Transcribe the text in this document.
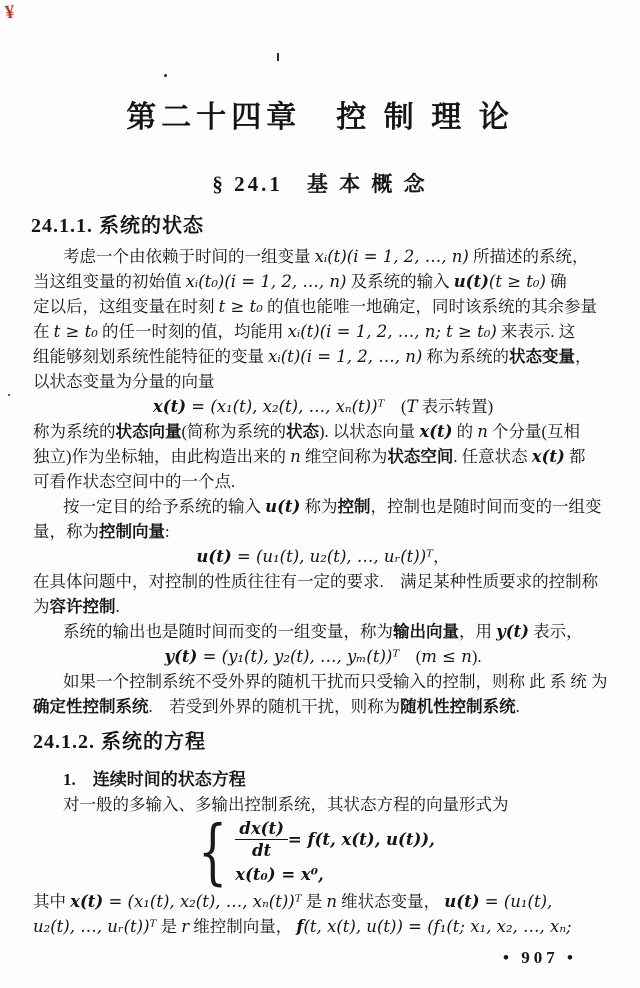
¥
第二十四章　控 制 理 论
§ 24.1　基 本 概 念
24.1.1. 系统的状态
考虑一个由依赖于时间的一组变量 xᵢ(t)(i = 1, 2, …, n) 所描述的系统，
当这组变量的初始值 xᵢ(t₀)(i = 1, 2, …, n) 及系统的输入 u(t)(t ≥ t₀) 确
定以后，这组变量在时刻 t ≥ t₀ 的值也能唯一地确定，同时该系统的其余参量
在 t ≥ t₀ 的任一时刻的值，均能用 xᵢ(t)(i = 1, 2, …, n; t ≥ t₀) 来表示. 这
组能够刻划系统性能特征的变量 xᵢ(t)(i = 1, 2, …, n) 称为系统的状态变量，
以状态变量为分量的向量
x(t) = (x₁(t), x₂(t), …, xₙ(t))ᵀ　(T 表示转置)
称为系统的状态向量(简称为系统的状态). 以状态向量 x(t) 的 n 个分量(互相
独立)作为坐标轴，由此构造出来的 n 维空间称为状态空间. 任意状态 x(t) 都
可看作状态空间中的一个点.
按一定目的给予系统的输入 u(t) 称为控制，控制也是随时间而变的一组变
量，称为控制向量:
u(t) = (u₁(t), u₂(t), …, uᵣ(t))ᵀ，
在具体问题中，对控制的性质往往有一定的要求.　满足某种性质要求的控制称
为容许控制.
系统的输出也是随时间而变的一组变量，称为输出向量，用 y(t) 表示，
y(t) = (y₁(t), y₂(t), …, yₘ(t))ᵀ　(m ≤ n).
如果一个控制系统不受外界的随机干扰而只受输入的控制，则称 此 系 统 为
确定性控制系统.　若受到外界的随机干扰，则称为随机性控制系统.
24.1.2. 系统的方程
1.　连续时间的状态方程
对一般的多输入、多输出控制系统，其状态方程的向量形式为
{ $\frac{dx(t)}{dt} = f(t$, x(t), u(t)),
x(t₀) = x⁰,
其中 x(t) = (x₁(t), x₂(t), …, xₙ(t))ᵀ 是 n 维状态变量， u(t) = (u₁(t),
u₂(t), …, uᵣ(t))ᵀ 是 r 维控制向量， f(t, x(t), u(t)) = (f₁(t; x₁, x₂, …, xₙ;
• 907 •
